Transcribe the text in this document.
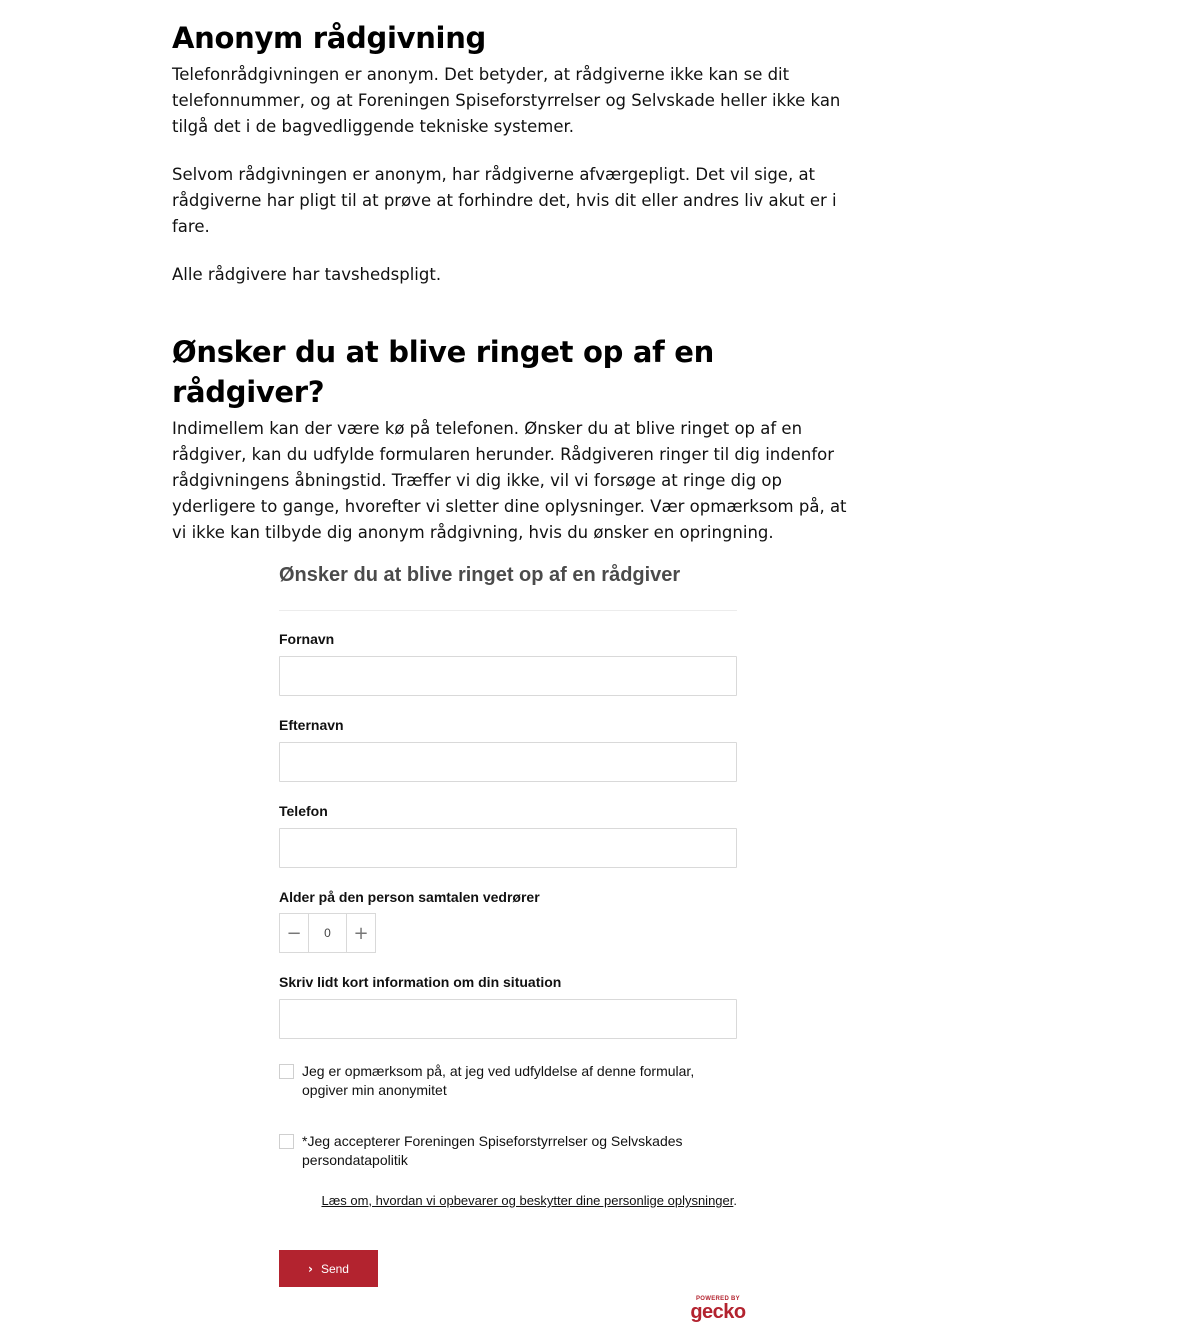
Anonym rådgivning

Telefonrådgivningen er anonym. Det betyder, at rådgiverne ikke kan se dit telefonnummer, og at Foreningen Spiseforstyrrelser og Selvskade heller ikke kan tilgå det i de bagvedliggende tekniske systemer.

Selvom rådgivningen er anonym, har rådgiverne afværgepligt. Det vil sige, at rådgiverne har pligt til at prøve at forhindre det, hvis dit eller andres liv akut er i fare.

Alle rådgivere har tavshedspligt.

Ønsker du at blive ringet op af en rådgiver?

Indimellem kan der være kø på telefonen. Ønsker du at blive ringet op af en rådgiver, kan du udfylde formularen herunder. Rådgiveren ringer til dig indenfor rådgivningens åbningstid. Træffer vi dig ikke, vil vi forsøge at ringe dig op yderligere to gange, hvorefter vi sletter dine oplysninger. Vær opmærksom på, at vi ikke kan tilbyde dig anonym rådgivning, hvis du ønsker en opringning.

Ønsker du at blive ringet op af en rådgiver
Fornavn
Efternavn
Telefon
Alder på den person samtalen vedrører
−	0	+
Skriv lidt kort information om din situation
Jeg er opmærksom på, at jeg ved udfyldelse af denne formular, opgiver min anonymitet
*Jeg accepterer Foreningen Spiseforstyrrelser og Selvskades persondatapolitik
Læs om, hvordan vi opbevarer og beskytter dine personlige oplysninger.
› Send
POWERED BY
gecko
